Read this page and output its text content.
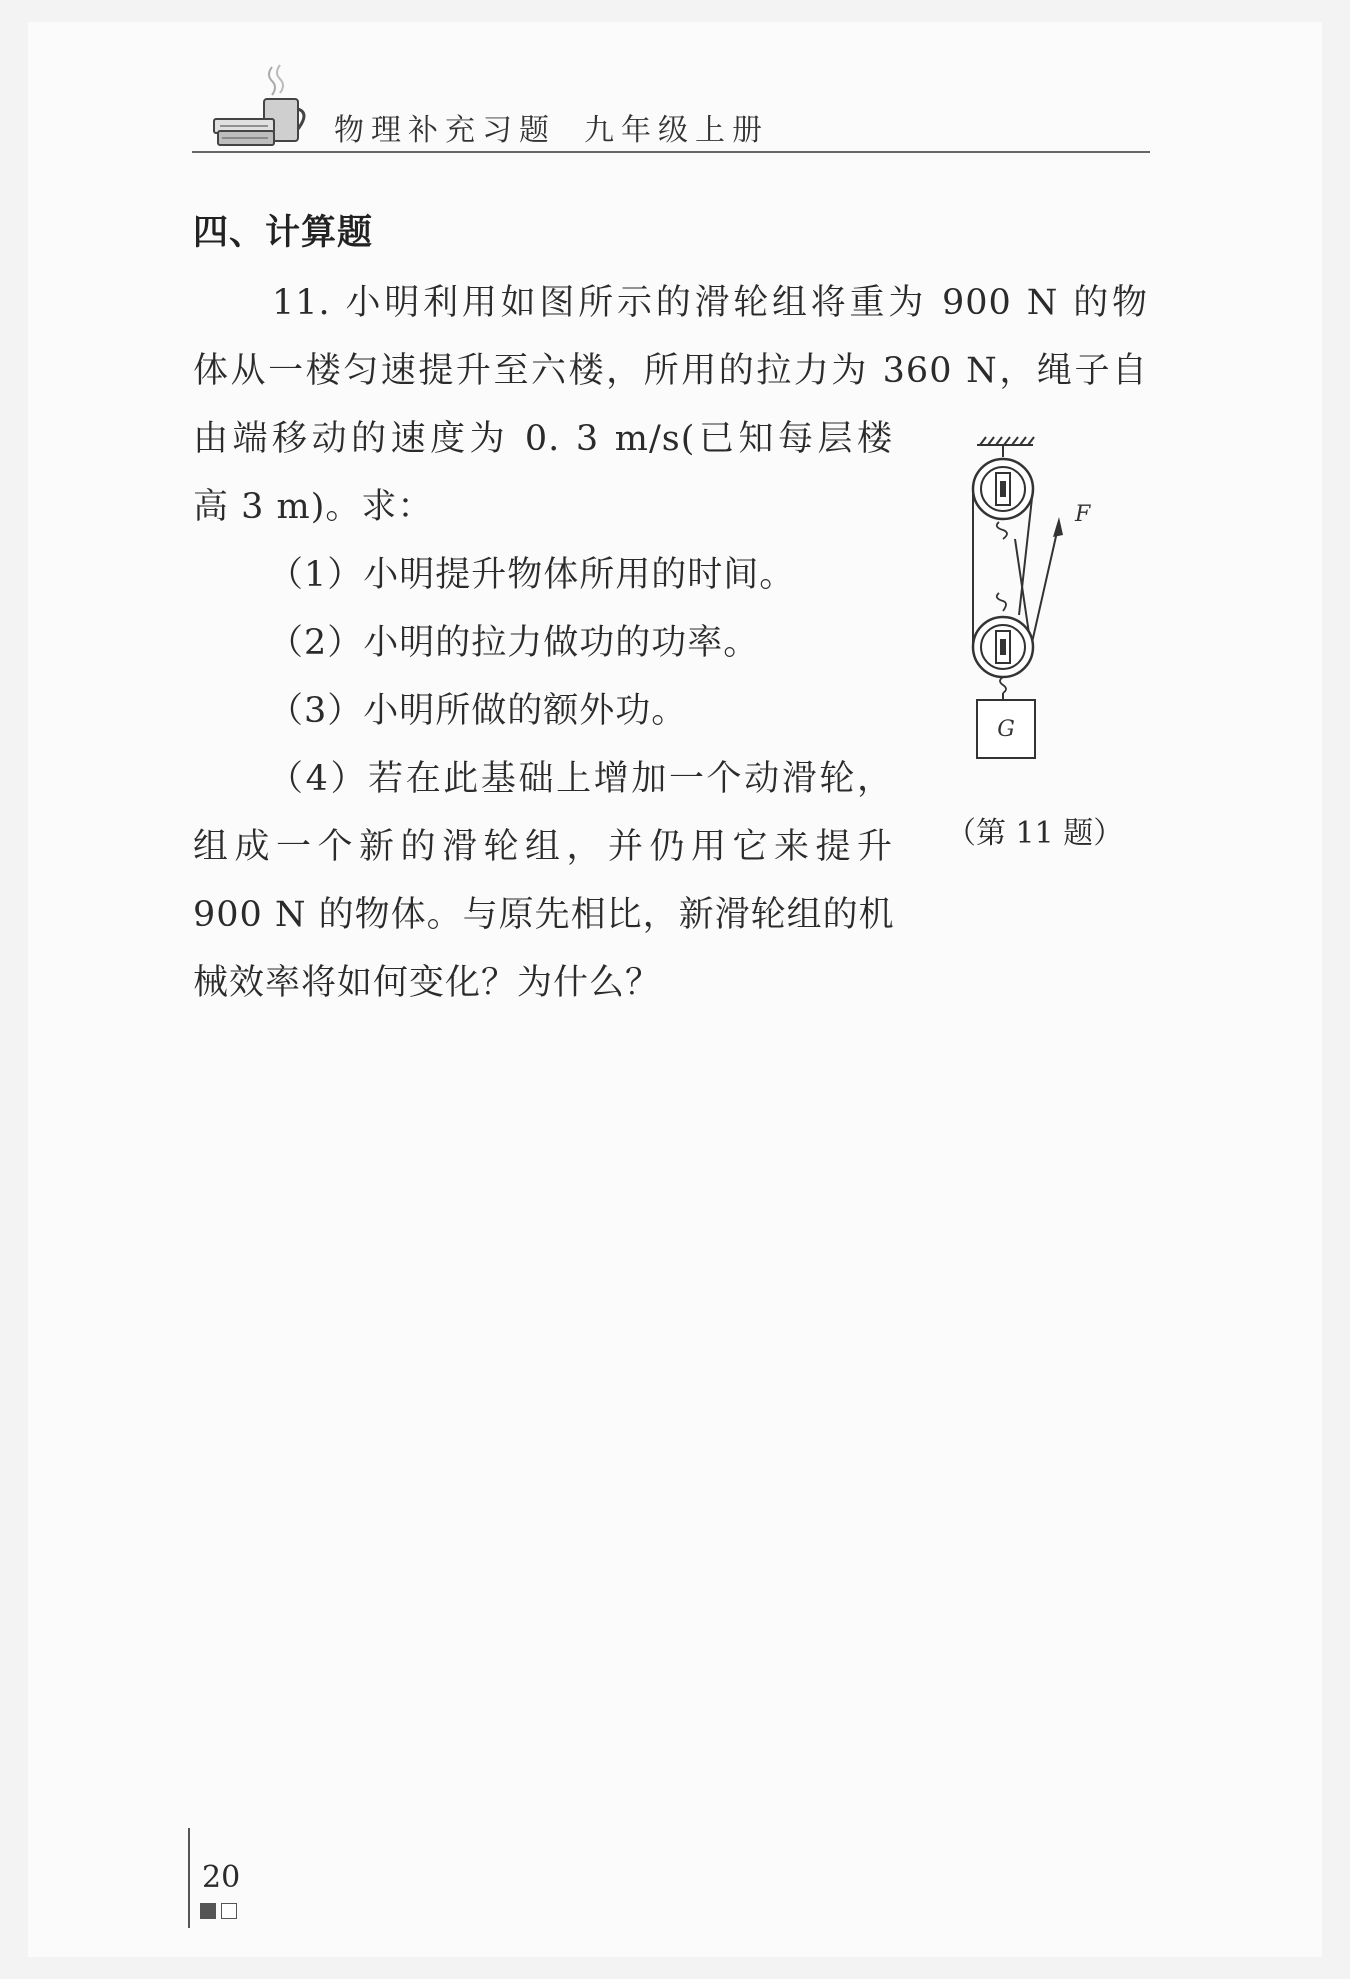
物理补充习题 九年级上册
四、计算题
11. 小明利用如图所示的滑轮组将重为 900 N 的物
体从一楼匀速提升至六楼，所用的拉力为 360 N，绳子自
由端移动的速度为 0. 3 m/s(已知每层楼
高 3 m)。求：
（1）小明提升物体所用的时间。
（2）小明的拉力做功的功率。
（3）小明所做的额外功。
（4）若在此基础上增加一个动滑轮，
组成一个新的滑轮组，并仍用它来提升
900 N 的物体。与原先相比，新滑轮组的机
械效率将如何变化？为什么？
F
G
（第 11 题）
20
